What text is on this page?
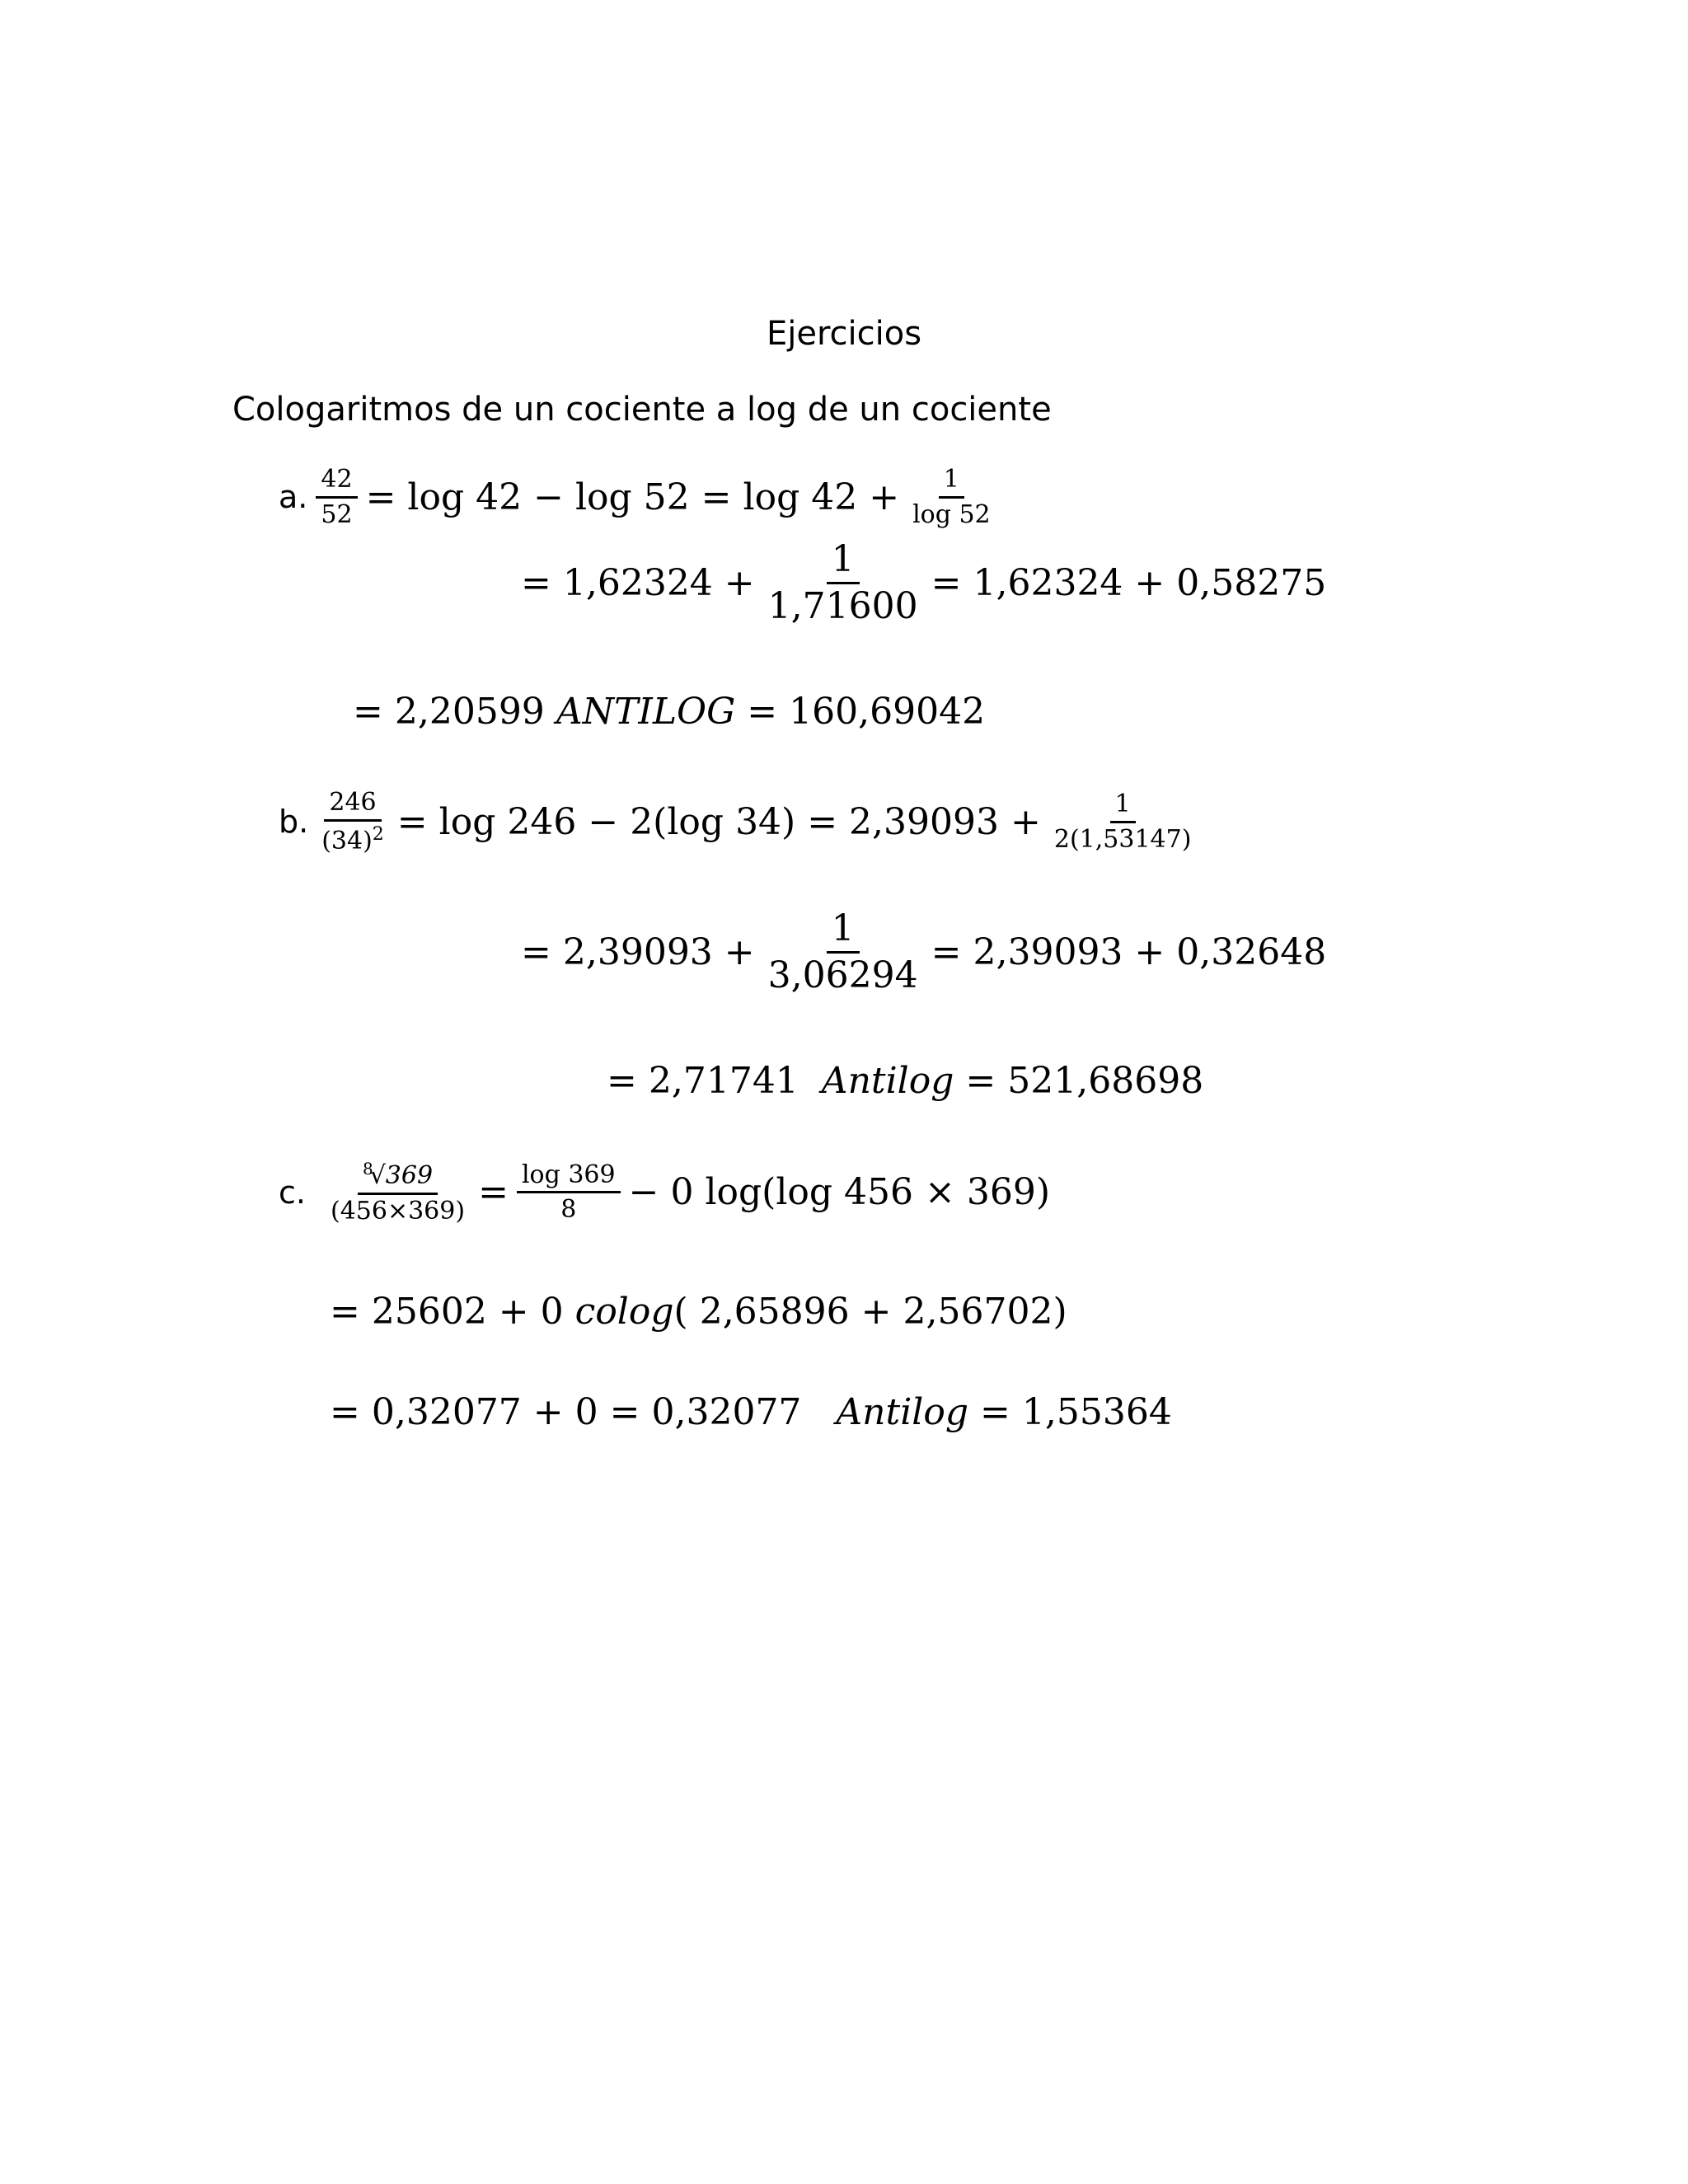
Ejercicios
Cologaritmos de un cociente a log de un cociente
a. $\frac{42}{52} = \log 42 - \log 52 = \log 42 + \frac{1}{\log 52}$
= $1,62324 + \frac{1}{1,71600} = 1,62324 + 0,58275$
= 2,20599
ANTILOG
= 160,69042
b. $\frac{246}{(34)^2} = \log 246 - 2(\log$ $34) = 2,39093 + \frac{1}{2(1,53147)}$
= $2,39093 + \frac{1}{3,06294} = 2,39093 + 0,32648$
= 2,71741
Antilog
= 521,68698
c. $\frac{^8√369}{(456\times 369)} = \frac{\log 369}{8} - 0$ log(log 456 × 369)
= 25602 + 0
colog ( 2,65896 + 2,56702)
= 0,32077 + 0 = 0,32077
Antilog
= 1,55364
